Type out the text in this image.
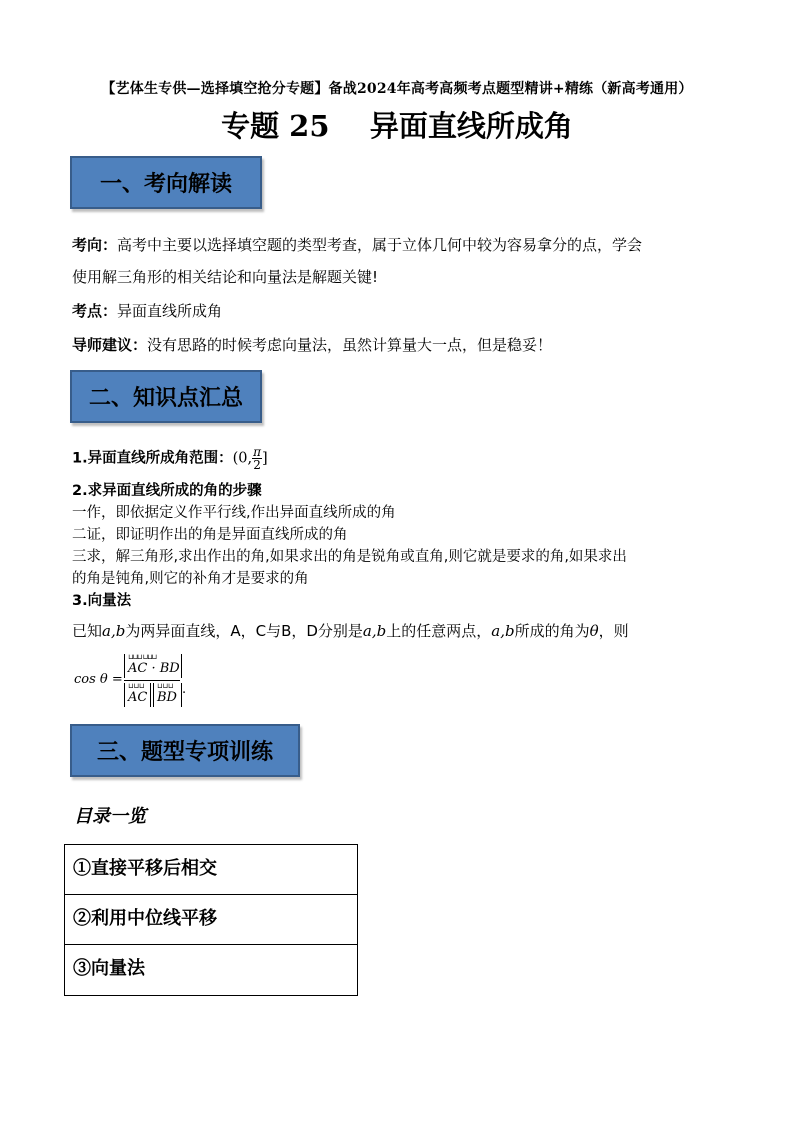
【艺体生专供—选择填空抢分专题】备战2024年高考高频考点题型精讲+精练（新高考通用）
专题 25    异面直线所成角
一、考向解读
考向：高考中主要以选择填空题的类型考查，属于立体几何中较为容易拿分的点，学会
使用解三角形的相关结论和向量法是解题关键!
考点：异面直线所成角
导师建议：没有思路的时候考虑向量法，虽然计算量大一点，但是稳妥！
二、知识点汇总
1.异面直线所成角范围：(0, $\frac{\pi}{2}$ ]
2.求异面直线所成的角的步骤
一作，即依据定义作平行线,作出异面直线所成的角
二证，即证明作出的角是异面直线所成的角
三求，解三角形,求出作出的角,如果求出的角是锐角或直角,则它就是要求的角,如果求出
的角是钝角,则它的补角才是要求的角
3.向量法
已知a,b为两异面直线，A，C与B，D分别是a,b上的任意两点，a,b所成的角为θ，则
cos θ =
⊔⊔⊔ ⊔⊔⊔
AC · BD
⊔⊔⊔
AC
⊔⊔⊔
BD
.
三、题型专项训练
目录一览
①直接平移后相交
②利用中位线平移
③向量法
